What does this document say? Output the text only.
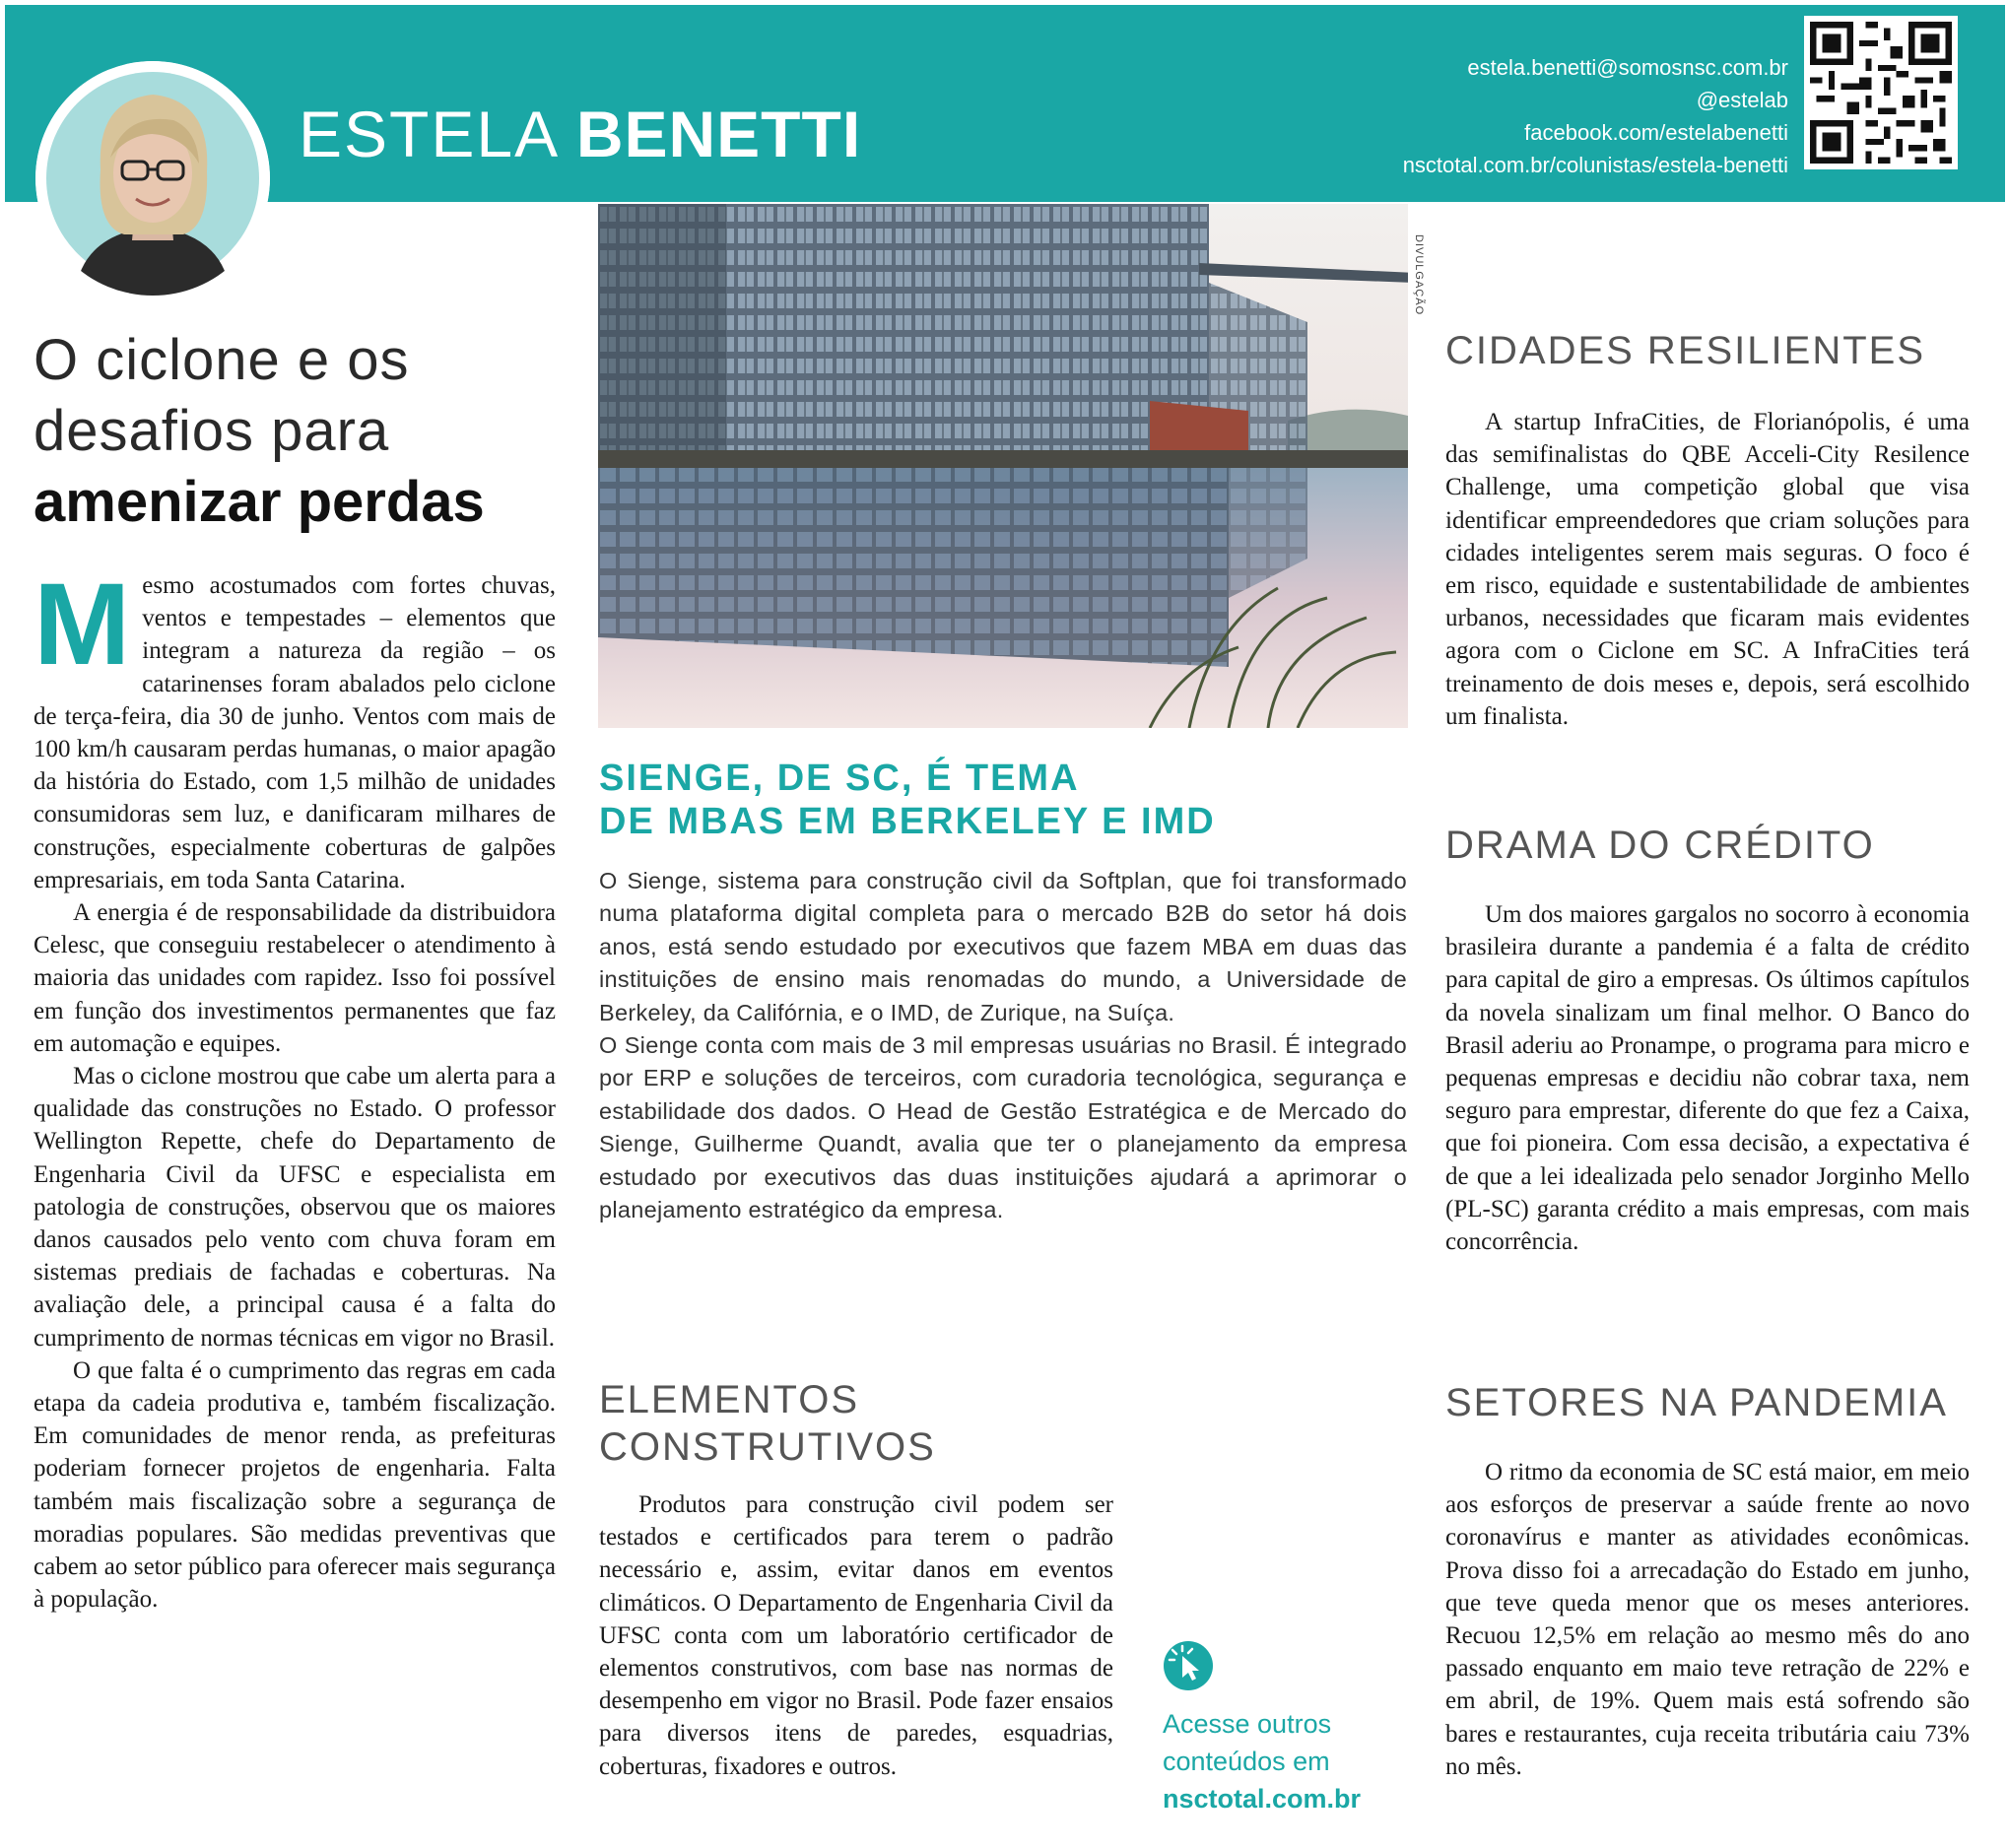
ESTELA BENETTI
estela.benetti@somosnsc.com.br
@estelab
facebook.com/estelabenetti
nsctotal.com.br/colunistas/estela-benetti
O ciclone e os
desafios para
amenizar perdas

Mesmo acostumados com fortes chuvas, ventos e tempestades – elementos que integram a natureza da região – os catarinenses foram abalados pelo ciclone de terça-feira, dia 30 de junho. Ventos com mais de 100 km/h causaram perdas humanas, o maior apagão da história do Estado, com 1,5 milhão de unidades consumidoras sem luz, e danificaram milhares de construções, especialmente coberturas de galpões empresariais, em toda Santa Catarina.

A energia é de responsabilidade da distribuidora Celesc, que conseguiu restabelecer o atendimento à maioria das unidades com rapidez. Isso foi possível em função dos investimentos permanentes que faz em automação e equipes.

Mas o ciclone mostrou que cabe um alerta para a qualidade das construções no Estado. O professor Wellington Repette, chefe do Departamento de Engenharia Civil da UFSC e especialista em patologia de construções, observou que os maiores danos causados pelo vento com chuva foram em sistemas prediais de fachadas e coberturas. Na avaliação dele, a principal causa é a falta do cumprimento de normas técnicas em vigor no Brasil.

O que falta é o cumprimento das regras em cada etapa da cadeia produtiva e, também fiscalização. Em comunidades de menor renda, as prefeituras poderiam fornecer projetos de engenharia. Falta também mais fiscalização sobre a segurança de moradias populares. São medidas preventivas que cabem ao setor público para oferecer mais segurança à população.

DIVULGAÇÃO
SIENGE, DE SC, É TEMA
DE MBAS EM BERKELEY E IMD

O Sienge, sistema para construção civil da Softplan, que foi transformado numa plataforma digital completa para o mercado B2B do setor há dois anos, está sendo estudado por executivos que fazem MBA em duas das instituições de ensino mais renomadas do mundo, a Universidade de Berkeley, da Califórnia, e o IMD, de Zurique, na Suíça.

O Sienge conta com mais de 3 mil empresas usuárias no Brasil. É integrado por ERP e soluções de terceiros, com curadoria tecnológica, segurança e estabilidade dos dados. O Head de Gestão Estratégica e de Mercado do Sienge, Guilherme Quandt, avalia que ter o planejamento da empresa estudado por executivos das duas instituições ajudará a aprimorar o planejamento estratégico da empresa.

ELEMENTOS
CONSTRUTIVOS

Produtos para construção civil podem ser testados e certificados para terem o padrão necessário e, assim, evitar danos em eventos climáticos. O Departamento de Engenharia Civil da UFSC conta com um laboratório certificador de elementos construtivos, com base nas normas de desempenho em vigor no Brasil. Pode fazer ensaios para diversos itens de paredes, esquadrias, coberturas, fixadores e outros.

Acesse outros
conteúdos em
nsctotal.com.br
CIDADES RESILIENTES

A startup InfraCities, de Florianópolis, é uma das semifinalistas do QBE Acceli-City Resilence Challenge, uma competição global que visa identificar empreendedores que criam soluções para cidades inteligentes serem mais seguras. O foco é em risco, equidade e sustentabilidade de ambientes urbanos, necessidades que ficaram mais evidentes agora com o Ciclone em SC. A InfraCities terá treinamento de dois meses e, depois, será escolhido um finalista.

DRAMA DO CRÉDITO

Um dos maiores gargalos no socorro à economia brasileira durante a pandemia é a falta de crédito para capital de giro a empresas. Os últimos capítulos da novela sinalizam um final melhor. O Banco do Brasil aderiu ao Pronampe, o programa para micro e pequenas empresas e decidiu não cobrar taxa, nem seguro para emprestar, diferente do que fez a Caixa, que foi pioneira. Com essa decisão, a expectativa é de que a lei idealizada pelo senador Jorginho Mello (PL-SC) garanta crédito a mais empresas, com mais concorrência.

SETORES NA PANDEMIA

O ritmo da economia de SC está maior, em meio aos esforços de preservar a saúde frente ao novo coronavírus e manter as atividades econômicas. Prova disso foi a arrecadação do Estado em junho, que teve queda menor que os meses anteriores. Recuou 12,5% em relação ao mesmo mês do ano passado enquanto em maio teve retração de 22% e em abril, de 19%. Quem mais está sofrendo são bares e restaurantes, cuja receita tributária caiu 73% no mês.
